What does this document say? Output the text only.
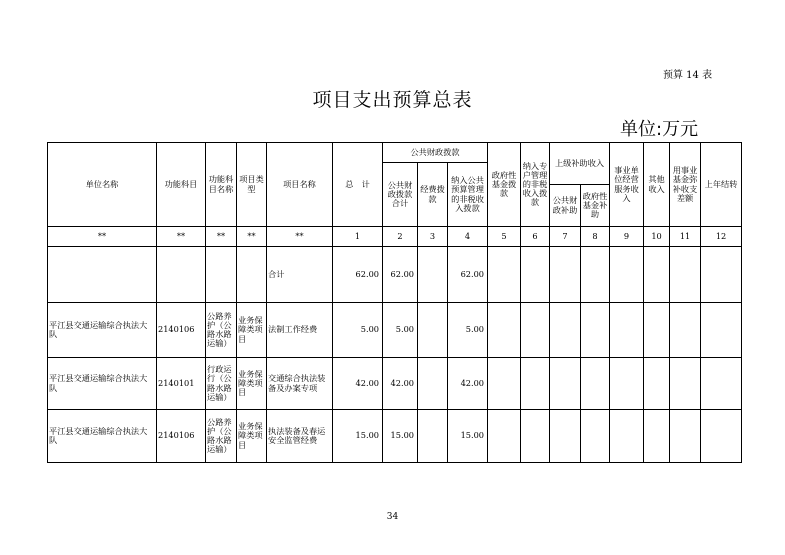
预算 14 表
项目支出预算总表
单位:万元
单位名称	功能科目	功能科目名称	项目类型	项目名称	总　计	公共财政拨款			政府性基金拨款	纳入专户管理的非税收入拨款	上级补助收入		事业单位经营服务收入	其他收入	用事业基金弥补收支差额	上年结转
						公共财政拨款合计	经费拨款	纳入公共预算管理的非税收入拨款								
											公共财政补助	政府性基金补助				
**	**	**	**	**	1	2	3	4	5	6	7	8	9	10	11	12
				合计	62.00	62.00		62.00								
平江县交通运输综合执法大队	2140106	公路养护（公路水路运输）	业务保障类项目	法制工作经费	5.00	5.00		5.00								
平江县交通运输综合执法大队	2140101	行政运行（公路水路运输）	业务保障类项目	交通综合执法装备及办案专项	42.00	42.00		42.00								
平江县交通运输综合执法大队	2140106	公路养护（公路水路运输）	业务保障类项目	执法装备及春运安全监管经费	15.00	15.00		15.00								
34
